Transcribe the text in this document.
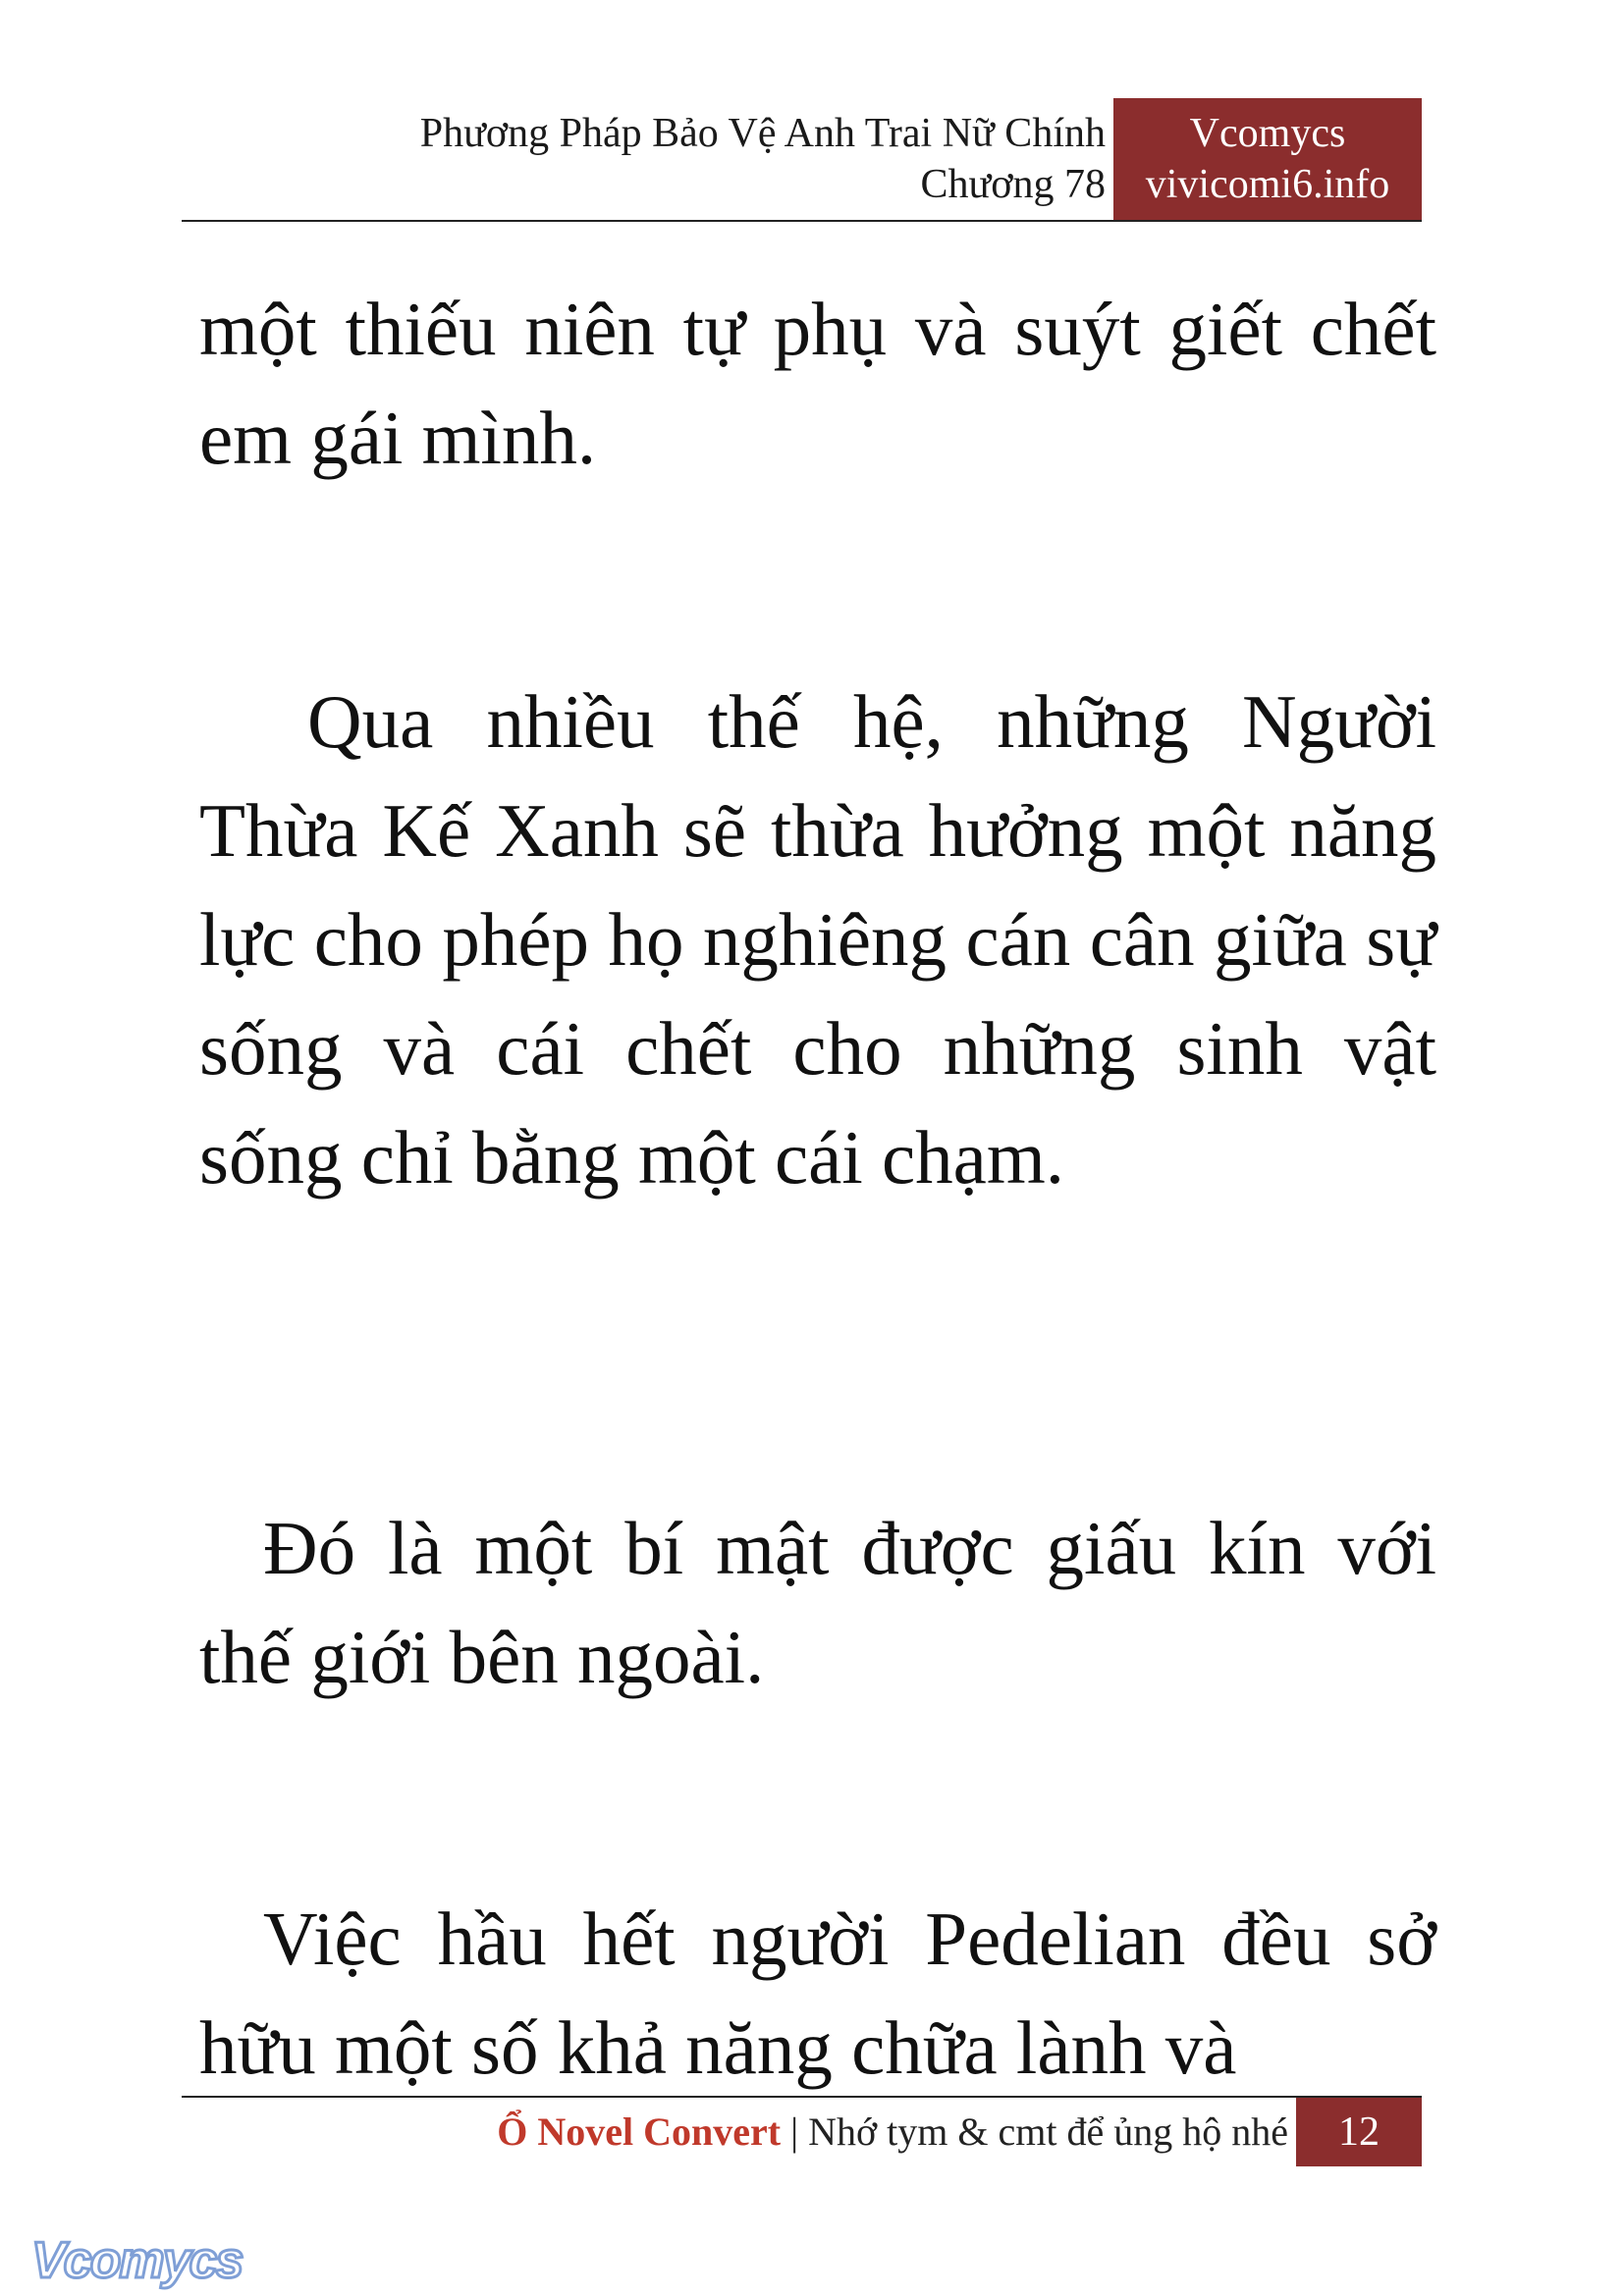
Phương Pháp Bảo Vệ Anh Trai Nữ Chính
Chương 78
Vcomycs
vivicomi6.info

một thiếu niên tự phụ và suýt giết chết em gái mình.

Qua nhiều thế hệ, những Người Thừa Kế Xanh sẽ thừa hưởng một năng lực cho phép họ nghiêng cán cân giữa sự sống và cái chết cho những sinh vật sống chỉ bằng một cái chạm.

Đó là một bí mật được giấu kín với thế giới bên ngoài.

Việc hầu hết người Pedelian đều sở hữu một số khả năng chữa lành và

Ổ Novel Convert | Nhớ tym & cmt để ủng hộ nhé	12
Vcomycs
